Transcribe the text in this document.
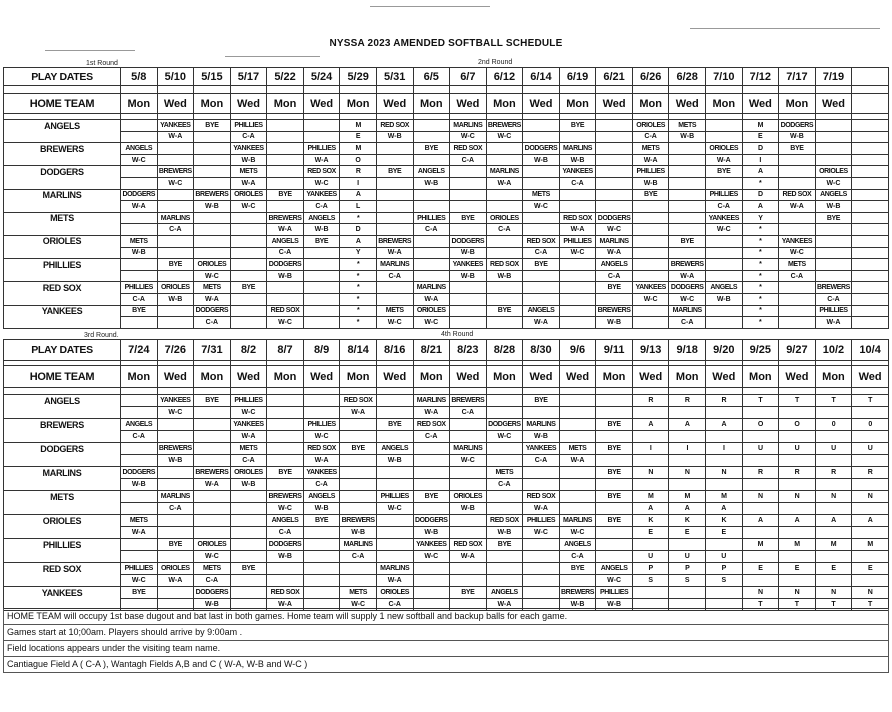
NYSSA 2023 AMENDED SOFTBALL SCHEDULE
1st Round	2nd Round
PLAY DATES	5/8	5/10	5/15	5/17	5/22	5/24	5/29	5/31	6/5	6/7	6/12	6/14	6/19	6/21	6/26	6/28	7/10	7/12	7/17	7/19	

HOME TEAM	Mon	Wed	Mon	Wed	Mon	Wed	Mon	Wed	Mon	Wed	Mon	Wed	Mon	Wed	Mon	Wed	Mon	Wed	Mon	Wed	

ANGELS		YANKEES	BYE	PHILLIES			M	RED SOX		MARLINS	BREWERS		BYE		ORIOLES	METS		M	DODGERS		
		W-A		C-A			E	W-B		W-C	W-C				C-A	W-B		E	W-B		
BREWERS	ANGELS			YANKEES		PHILLIES	M		BYE	RED SOX		DODGERS	MARLINS		METS		ORIOLES	D	BYE		
	W-C			W-B		W-A	O			C-A		W-B	W-B		W-A		W-A	I			
DODGERS		BREWERS		METS		RED SOX	R	BYE	ANGELS		MARLINS		YANKEES		PHILLIES		BYE	A		ORIOLES	
		W-C		W-A		W-C	I		W-B		W-A		C-A		W-B			*		W-C	
MARLINS	DODGERS		BREWERS	ORIOLES	BYE	YANKEES	A					METS			BYE		PHILLIES	D	RED SOX	ANGELS	
	W-A		W-B	W-C		C-A	L					W-C					C-A	A	W-A	W-B	
METS		MARLINS			BREWERS	ANGELS	*		PHILLIES	BYE	ORIOLES		RED SOX	DODGERS			YANKEES	Y		BYE	
		C-A			W-A	W-B	D		C-A		C-A		W-A	W-C			W-C	*			
ORIOLES	METS				ANGELS	BYE	A	BREWERS		DODGERS		RED SOX	PHILLIES	MARLINS		BYE		*	YANKEES		
	W-B				C-A		Y	W-A		W-B		C-A	W-C	W-A				*	W-C		
PHILLIES		BYE	ORIOLES		DODGERS		*	MARLINS		YANKEES	RED SOX	BYE		ANGELS		BREWERS		*	METS		
			W-C		W-B		*	C-A		W-B	W-B			C-A		W-A		*	C-A		
RED SOX	PHILLIES	ORIOLES	METS	BYE			*		MARLINS					BYE	YANKEES	DODGERS	ANGELS	*		BREWERS	
	C-A	W-B	W-A				*		W-A						W-C	W-C	W-B	*		C-A	
YANKEES	BYE		DODGERS		RED SOX		*	METS	ORIOLES		BYE	ANGELS		BREWERS		MARLINS		*		PHILLIES	
			C-A		W-C		*	W-C	W-C			W-A		W-B		C-A		*		W-A	
3rd Round.	4th Round
PLAY DATES	7/24	7/26	7/31	8/2	8/7	8/9	8/14	8/16	8/21	8/23	8/28	8/30	9/6	9/11	9/13	9/18	9/20	9/25	9/27	10/2	10/4

HOME TEAM	Mon	Wed	Mon	Wed	Mon	Wed	Mon	Wed	Mon	Wed	Mon	Wed	Wed	Mon	Wed	Mon	Wed	Mon	Wed	Mon	Wed

ANGELS		YANKEES	BYE	PHILLIES			RED SOX		MARLINS	BREWERS		BYE			R	R	R	T	T	T	T
		W-C		W-C			W-A		W-A	C-A											
BREWERS	ANGELS			YANKEES		PHILLIES		BYE	RED SOX		DODGERS	MARLINS		BYE	A	A	A	O	O	0	0
	C-A			W-A		W-C			C-A		W-C	W-B									
DODGERS		BREWERS		METS		RED SOX	BYE	ANGELS		MARLINS		YANKEES	METS	BYE	I	I	I	U	U	U	U
		W-B		C-A		W-A		W-B		W-C		C-A	W-A								
MARLINS	DODGERS		BREWERS	ORIOLES	BYE	YANKEES					METS			BYE	N	N	N	R	R	R	R
	W-B		W-A	W-B		C-A					C-A										
METS		MARLINS			BREWERS	ANGELS		PHILLIES	BYE	ORIOLES		RED SOX		BYE	M	M	M	N	N	N	N
		C-A			W-C	W-B		W-C		W-B		W-A			A	A	A				
ORIOLES	METS				ANGELS	BYE	BREWERS		DODGERS		RED SOX	PHILLIES	MARLINS	BYE	K	K	K	A	A	A	A
	W-A				C-A		W-B		W-B		W-B	W-C	W-C		E	E	E				
PHILLIES		BYE	ORIOLES		DODGERS		MARLINS		YANKEES	RED SOX	BYE		ANGELS					M	M	M	M
			W-C		W-B		C-A		W-C	W-A			C-A		U	U	U				
RED SOX	PHILLIES	ORIOLES	METS	BYE				MARLINS					BYE	ANGELS	P	P	P	E	E	E	E
	W-C	W-A	C-A					W-A						W-C	S	S	S				
YANKEES	BYE		DODGERS		RED SOX		METS	ORIOLES		BYE	ANGELS		BREWERS	PHILLIES				N	N	N	N
			W-B		W-A		W-C	C-A			W-A		W-B	W-B				T	T	T	T
HOME TEAM will occupy 1st base dugout and bat last in both games. Home team will supply 1 new softball and backup balls for each game.
Games start at 10;00am. Players should arrive by 9:00am .
Field locations appears under the visiting team name.
Cantiague Field A ( C-A ), Wantagh Fields A,B and C ( W-A, W-B and W-C )
